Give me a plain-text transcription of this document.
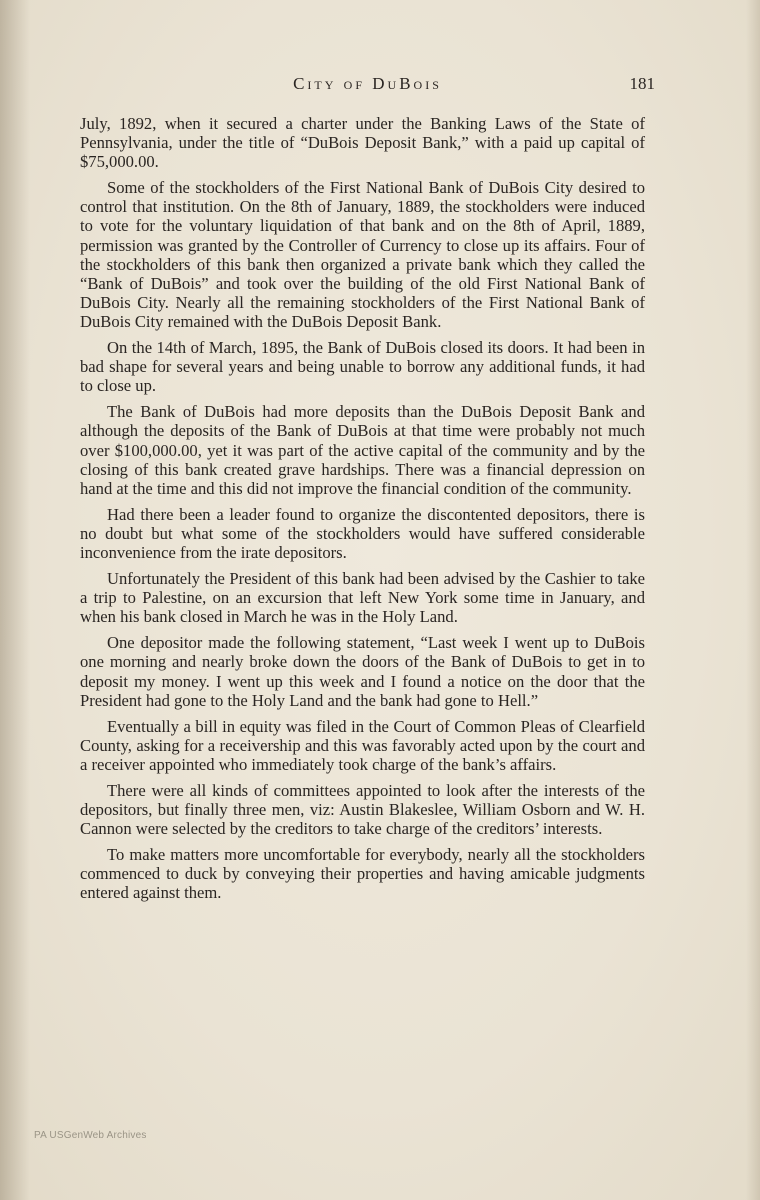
City of DuBois	181

July, 1892, when it secured a charter under the Banking Laws of the State of Pennsylvania, under the title of “DuBois Deposit Bank,” with a paid up capital of $75,000.00.

Some of the stockholders of the First National Bank of DuBois City desired to control that institution. On the 8th of January, 1889, the stockholders were induced to vote for the voluntary liquidation of that bank and on the 8th of April, 1889, permission was granted by the Controller of Currency to close up its affairs. Four of the stockholders of this bank then organized a private bank which they called the “Bank of DuBois” and took over the building of the old First National Bank of DuBois City. Nearly all the remaining stockholders of the First National Bank of DuBois City remained with the DuBois Deposit Bank.

On the 14th of March, 1895, the Bank of DuBois closed its doors. It had been in bad shape for several years and being unable to borrow any additional funds, it had to close up.

The Bank of DuBois had more deposits than the DuBois Deposit Bank and although the deposits of the Bank of DuBois at that time were probably not much over $100,000.00, yet it was part of the active capital of the community and by the closing of this bank created grave hardships. There was a financial depression on hand at the time and this did not improve the financial condition of the community.

Had there been a leader found to organize the discontented depositors, there is no doubt but what some of the stockholders would have suffered considerable inconvenience from the irate depositors.

Unfortunately the President of this bank had been advised by the Cashier to take a trip to Palestine, on an excursion that left New York some time in January, and when his bank closed in March he was in the Holy Land.

One depositor made the following statement, “Last week I went up to DuBois one morning and nearly broke down the doors of the Bank of DuBois to get in to deposit my money. I went up this week and I found a notice on the door that the President had gone to the Holy Land and the bank had gone to Hell.”

Eventually a bill in equity was filed in the Court of Common Pleas of Clearfield County, asking for a receivership and this was favorably acted upon by the court and a receiver appointed who immediately took charge of the bank’s affairs.

There were all kinds of committees appointed to look after the interests of the depositors, but finally three men, viz: Austin Blakeslee, William Osborn and W. H. Cannon were selected by the creditors to take charge of the creditors’ interests.

To make matters more uncomfortable for everybody, nearly all the stockholders commenced to duck by conveying their properties and having amicable judgments entered against them.

PA USGenWeb Archives
